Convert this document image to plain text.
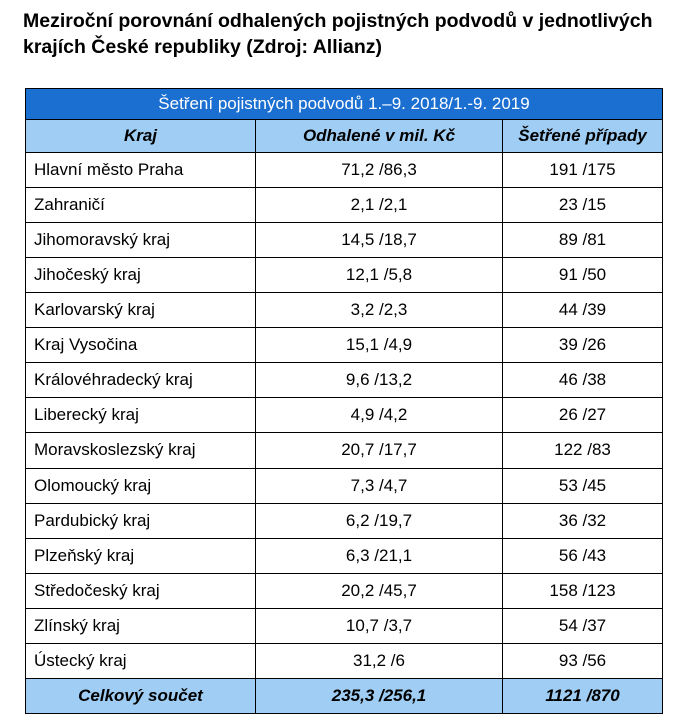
Meziroční porovnání odhalených pojistných podvodů v jednotlivých krajích České republiky (Zdroj: Allianz)
Šetření pojistných podvodů 1.–9. 2018/1.-9. 2019		
Kraj	Odhalené v mil. Kč	Šetřené případy
Hlavní město Praha	71,2 /86,3	191 /175
Zahraničí	2,1 /2,1	23 /15
Jihomoravský kraj	14,5 /18,7	89 /81
Jihočeský kraj	12,1 /5,8	91 /50
Karlovarský kraj	3,2 /2,3	44 /39
Kraj Vysočina	15,1 /4,9	39 /26
Královéhradecký kraj	9,6 /13,2	46 /38
Liberecký kraj	4,9 /4,2	26 /27
Moravskoslezský kraj	20,7 /17,7	122 /83
Olomoucký kraj	7,3 /4,7	53 /45
Pardubický kraj	6,2 /19,7	36 /32
Plzeňský kraj	6,3 /21,1	56 /43
Středočeský kraj	20,2 /45,7	158 /123
Zlínský kraj	10,7 /3,7	54 /37
Ústecký kraj	31,2 /6	93 /56
Celkový součet	235,3 /256,1	1121 /870
